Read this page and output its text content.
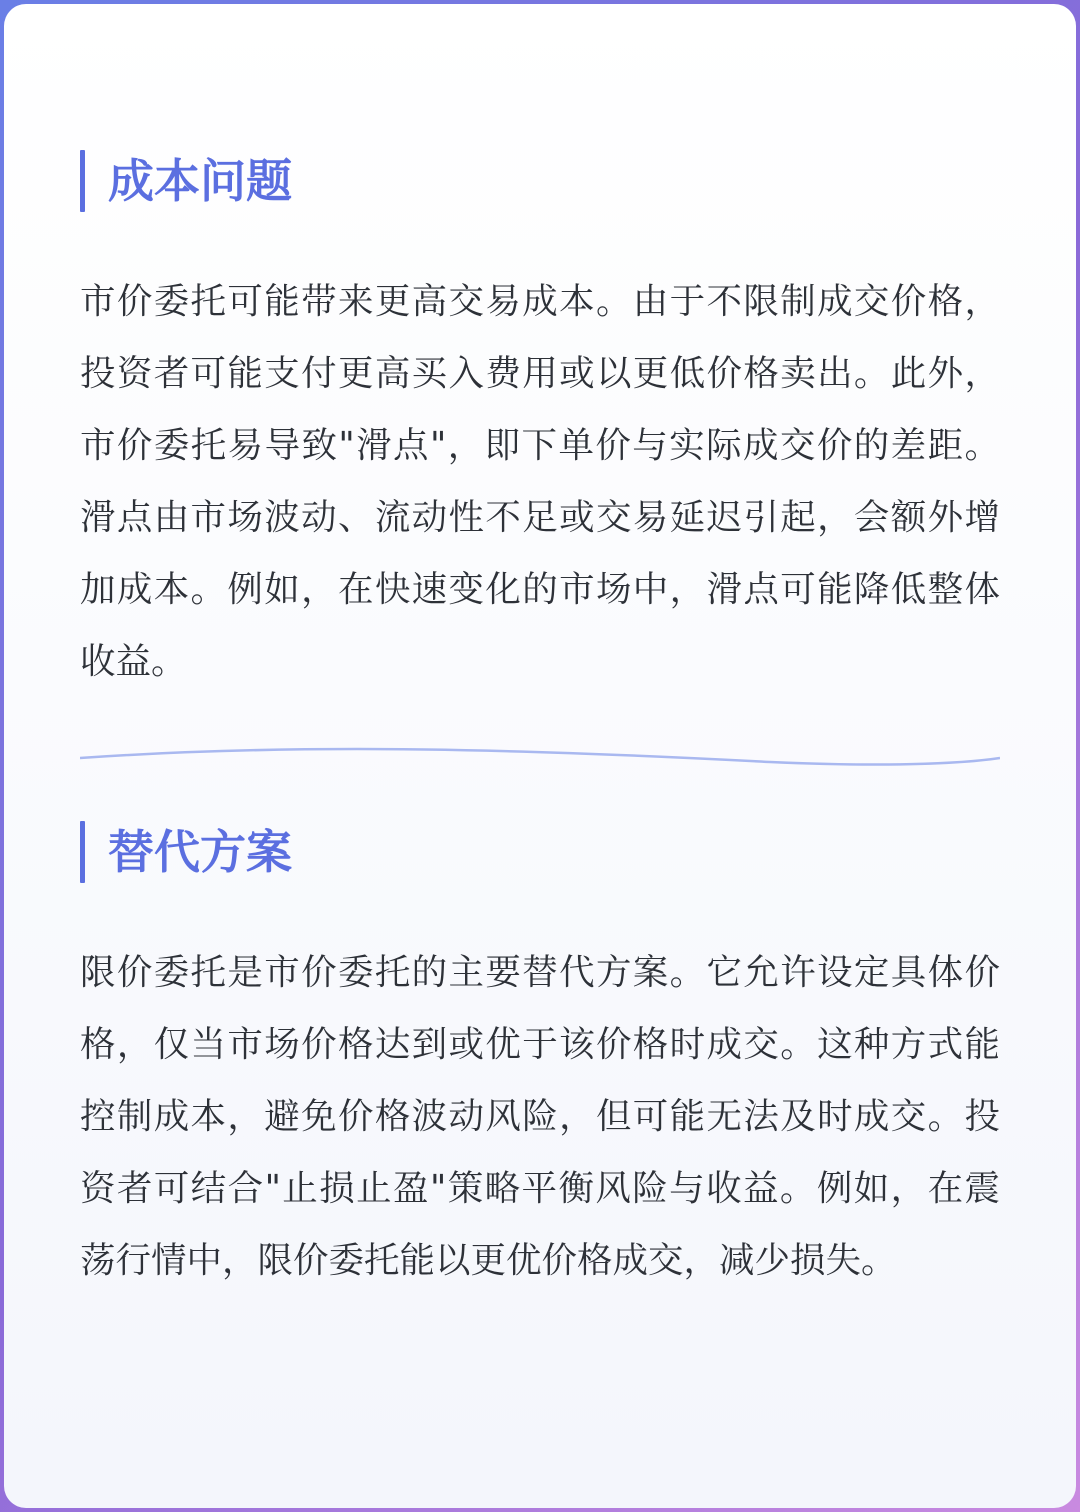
成本问题

市价委托可能带来更高交易成本。由于不限制成交价格，投资者可能支付更高买入费用或以更低价格卖出。此外，市价委托易导致"滑点"，即下单价与实际成交价的差距。滑点由市场波动、流动性不足或交易延迟引起，会额外增加成本。例如，在快速变化的市场中，滑点可能降低整体收益。

替代方案

限价委托是市价委托的主要替代方案。它允许设定具体价格，仅当市场价格达到或优于该价格时成交。这种方式能控制成本，避免价格波动风险，但可能无法及时成交。投资者可结合"止损止盈"策略平衡风险与收益。例如，在震荡行情中，限价委托能以更优价格成交，减少损失。
